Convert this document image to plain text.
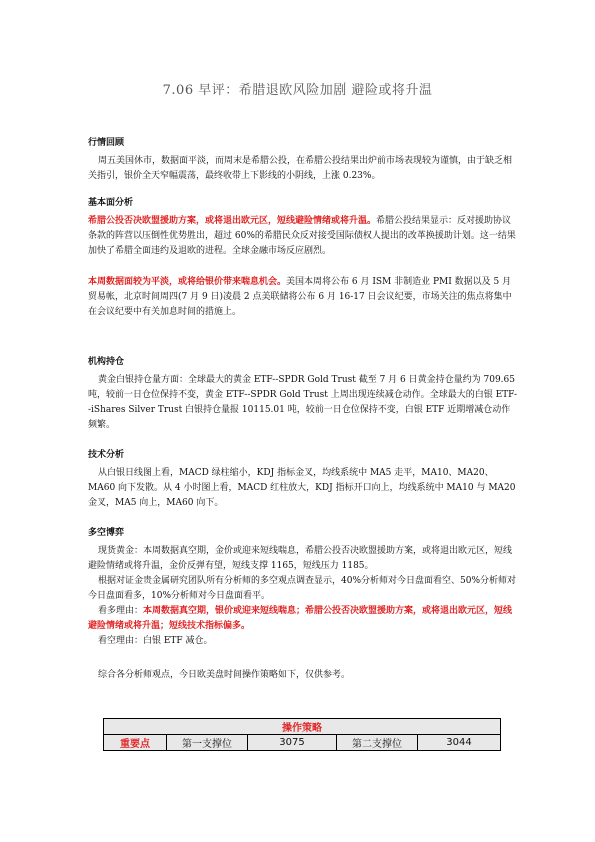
7.06 早评：希腊退欧风险加剧 避险或将升温
行情回顾

周五美国休市，数据面平淡，而周末是希腊公投，在希腊公投结果出炉前市场表现较为谨慎，由于缺乏相关指引，银价全天窄幅震荡，最终收带上下影线的小阴线，上涨 0.23%。

基本面分析

希腊公投否决欧盟援助方案，或将退出欧元区，短线避险情绪或将升温。希腊公投结果显示：反对援助协议条款的阵营以压倒性优势胜出，超过 60%的希腊民众反对接受国际债权人提出的改革换援助计划。这一结果加快了希腊全面违约及退欧的进程。全球金融市场反应剧烈。

本周数据面较为平淡，或将给银价带来喘息机会。美国本周将公布 6 月 ISM 非制造业 PMI 数据以及 5 月贸易帐，北京时间周四(7 月 9 日)凌晨 2 点美联储将公布 6 月 16-17 日会议纪要，市场关注的焦点将集中在会议纪要中有关加息时间的措施上。

机构持仓

黄金白银持仓量方面：全球最大的黄金 ETF--SPDR Gold Trust 截至 7 月 6 日黄金持仓量约为 709.65 吨，较前一日仓位保持不变，黄金 ETF--SPDR Gold Trust 上周出现连续减仓动作。全球最大的白银 ETF--iShares Silver Trust 白银持仓量报 10115.01 吨，较前一日仓位保持不变，白银 ETF 近期增减仓动作频繁。

技术分析

从白银日线图上看，MACD 绿柱缩小，KDJ 指标金叉，均线系统中 MA5 走平，MA10、MA20、MA60 向下发散。从 4 小时图上看，MACD 红柱放大，KDJ 指标开口向上，均线系统中 MA10 与 MA20 金叉，MA5 向上，MA60 向下。

多空博弈

现货黄金：本周数据真空期，金价或迎来短线喘息，希腊公投否决欧盟援助方案，或将退出欧元区，短线避险情绪或将升温，金价反弹有望，短线支撑 1165，短线压力 1185。

根据对证金贵金属研究团队所有分析师的多空观点调查显示，40%分析师对今日盘面看空、50%分析师对今日盘面看多，10%分析师对今日盘面看平。

看多理由：本周数据真空期，银价或迎来短线喘息；希腊公投否决欧盟援助方案，或将退出欧元区，短线避险情绪或将升温；短线技术指标偏多。

看空理由：白银 ETF 减仓。

综合各分析师观点，今日欧美盘时间操作策略如下，仅供参考。

操作策略
重要点	第一支撑位	3075	第二支撑位	3044
